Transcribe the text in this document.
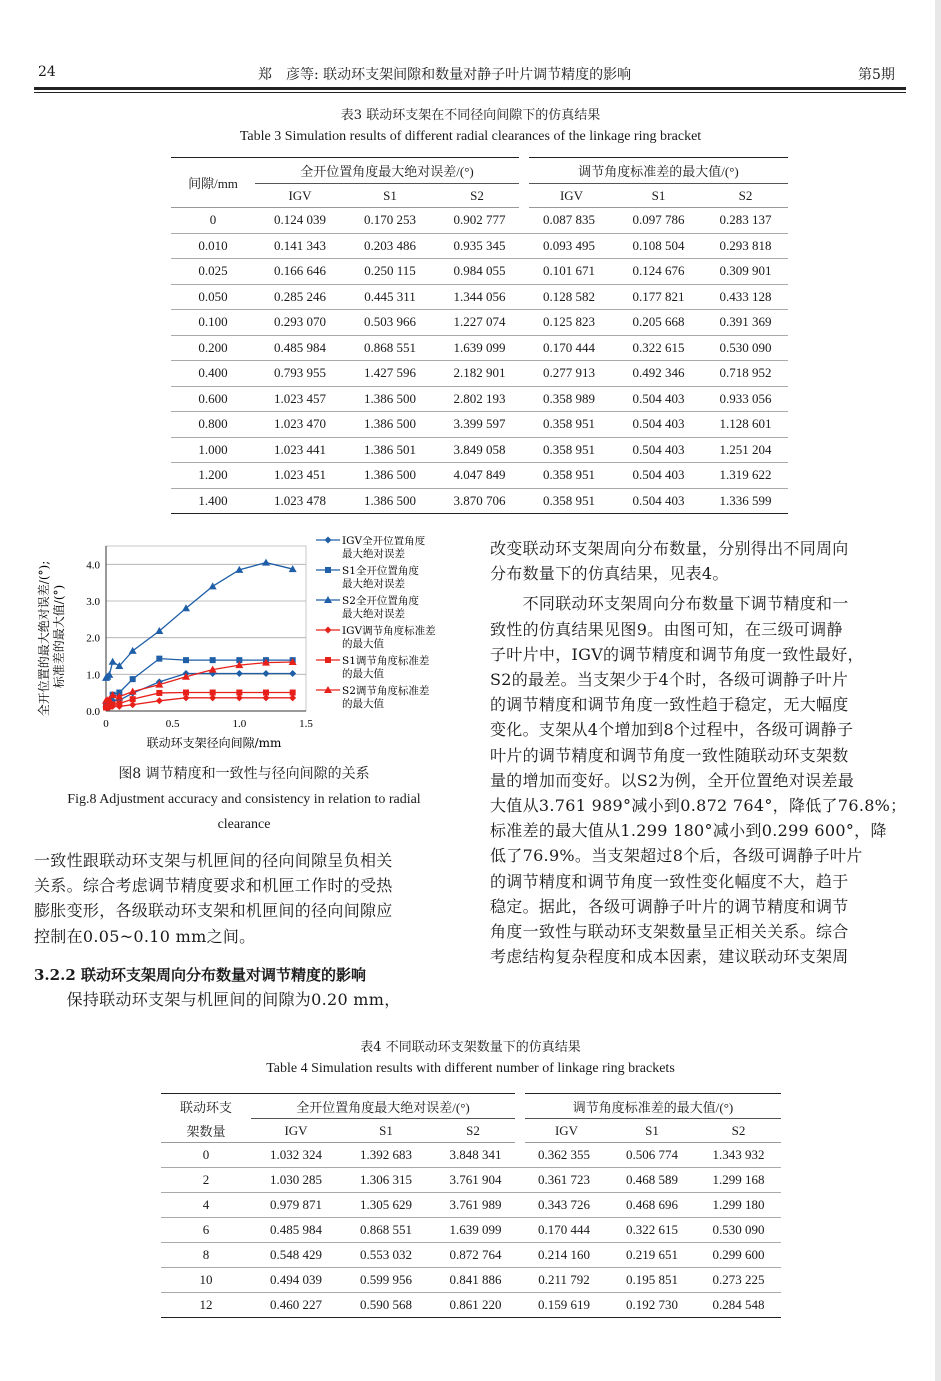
24	郑　彦等: 联动环支架间隙和数量对静子叶片调节精度的影响	第5期
表3 联动环支架在不同径向间隙下的仿真结果
Table 3 Simulation results of different radial clearances of the linkage ring bracket
间隙/mm	全开位置角度最大绝对误差/(°)			调节角度标准差的最大值/(°)		
	IGV	S1	S2	IGV	S1	S2
0	0.124 039	0.170 253	0.902 777	0.087 835	0.097 786	0.283 137
0.010	0.141 343	0.203 486	0.935 345	0.093 495	0.108 504	0.293 818
0.025	0.166 646	0.250 115	0.984 055	0.101 671	0.124 676	0.309 901
0.050	0.285 246	0.445 311	1.344 056	0.128 582	0.177 821	0.433 128
0.100	0.293 070	0.503 966	1.227 074	0.125 823	0.205 668	0.391 369
0.200	0.485 984	0.868 551	1.639 099	0.170 444	0.322 615	0.530 090
0.400	0.793 955	1.427 596	2.182 901	0.277 913	0.492 346	0.718 952
0.600	1.023 457	1.386 500	2.802 193	0.358 989	0.504 403	0.933 056
0.800	1.023 470	1.386 500	3.399 597	0.358 951	0.504 403	1.128 601
1.000	1.023 441	1.386 501	3.849 058	0.358 951	0.504 403	1.251 204
1.200	1.023 451	1.386 500	4.047 849	0.358 951	0.504 403	1.319 622
1.400	1.023 478	1.386 500	3.870 706	0.358 951	0.504 403	1.336 599
0.0
1.0
2.0
3.0
4.0
0	0.5	1.0	1.5
联动环支架径向间隙/mm
全开位置的最大绝对误差/(°); 标准差的最大值/(°)
IGV全开位置角度
最大绝对误差
S1全开位置角度
最大绝对误差
S2全开位置角度
最大绝对误差
IGV调节角度标准差
的最大值
S1调节角度标准差
的最大值
S2调节角度标准差
的最大值
图8 调节精度和一致性与径向间隙的关系
Fig.8 Adjustment accuracy and consistency in relation to radial
clearance
一致性跟联动环支架与机匣间的径向间隙呈负相关
关系。综合考虑调节精度要求和机匣工作时的受热
膨胀变形，各级联动环支架和机匣间的径向间隙应
控制在0.05~0.10 mm之间。
3.2.2 联动环支架周向分布数量对调节精度的影响
　　保持联动环支架与机匣间的间隙为0.20 mm，
改变联动环支架周向分布数量，分别得出不同周向
分布数量下的仿真结果，见表4。
　　不同联动环支架周向分布数量下调节精度和一
致性的仿真结果见图9。由图可知，在三级可调静
子叶片中，IGV的调节精度和调节角度一致性最好，
S2的最差。当支架少于4个时，各级可调静子叶片
的调节精度和调节角度一致性趋于稳定，无大幅度
变化。支架从4个增加到8个过程中，各级可调静子
叶片的调节精度和调节角度一致性随联动环支架数
量的增加而变好。以S2为例，全开位置绝对误差最
大值从3.761 989°减小到0.872 764°，降低了76.8%；
标准差的最大值从1.299 180°减小到0.299 600°，降
低了76.9%。当支架超过8个后，各级可调静子叶片
的调节精度和调节角度一致性变化幅度不大，趋于
稳定。据此，各级可调静子叶片的调节精度和调节
角度一致性与联动环支架数量呈正相关关系。综合
考虑结构复杂程度和成本因素，建议联动环支架周
表4 不同联动环支架数量下的仿真结果
Table 4 Simulation results with different number of linkage ring brackets
联动环支	全开位置角度最大绝对误差/(°)			调节角度标准差的最大值/(°)		
架数量	IGV	S1	S2	IGV	S1	S2
0	1.032 324	1.392 683	3.848 341	0.362 355	0.506 774	1.343 932
2	1.030 285	1.306 315	3.761 904	0.361 723	0.468 589	1.299 168
4	0.979 871	1.305 629	3.761 989	0.343 726	0.468 696	1.299 180
6	0.485 984	0.868 551	1.639 099	0.170 444	0.322 615	0.530 090
8	0.548 429	0.553 032	0.872 764	0.214 160	0.219 651	0.299 600
10	0.494 039	0.599 956	0.841 886	0.211 792	0.195 851	0.273 225
12	0.460 227	0.590 568	0.861 220	0.159 619	0.192 730	0.284 548
